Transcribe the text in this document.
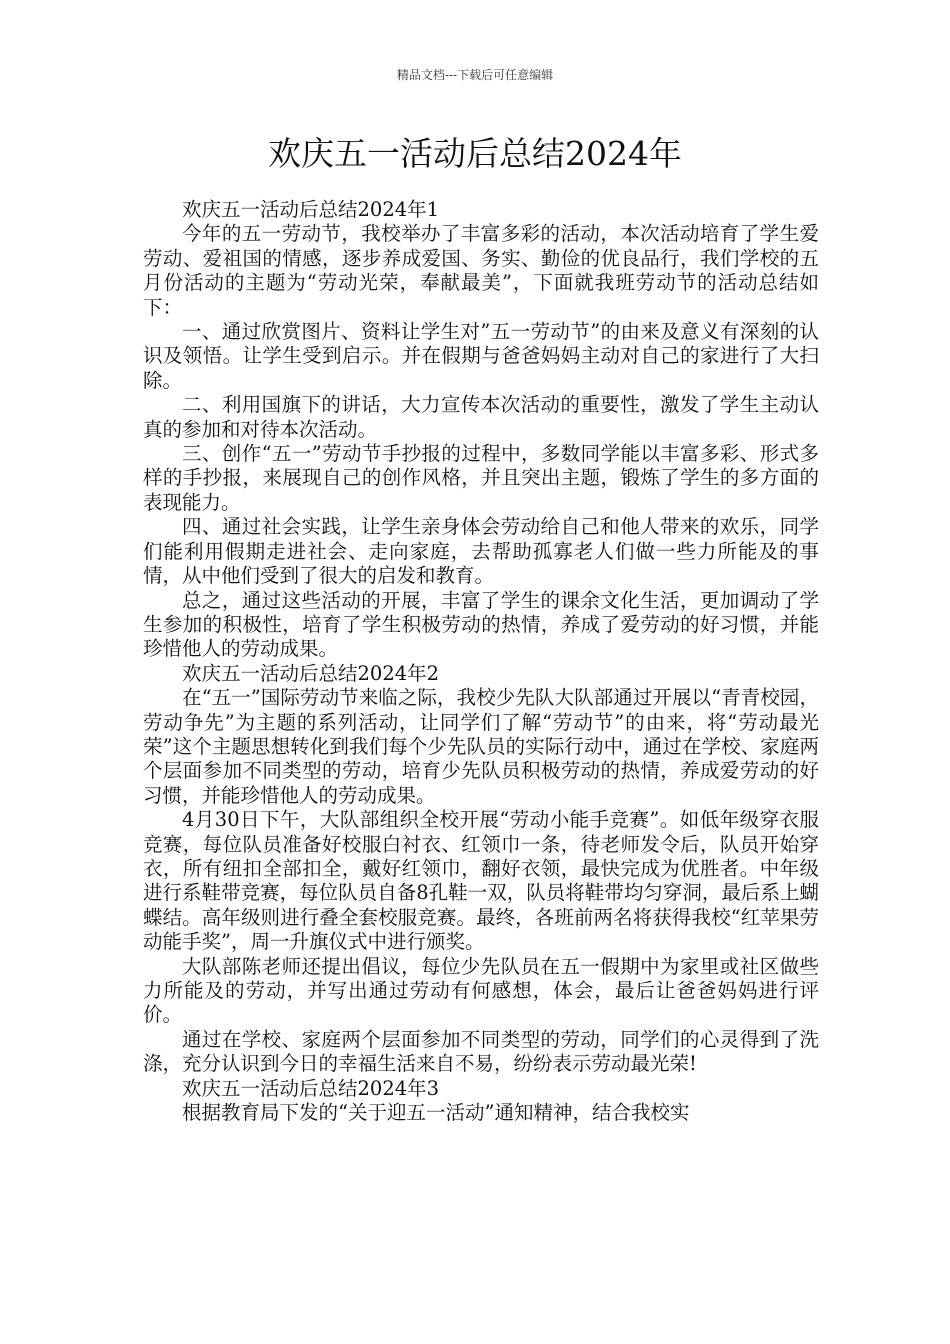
精品文档---下载后可任意编辑
欢庆五一活动后总结2024年

欢庆五一活动后总结2024年1

今年的五一劳动节，我校举办了丰富多彩的活动，本次活动培育了学生爱劳动、爱祖国的情感，逐步养成爱国、务实、勤俭的优良品行，我们学校的五月份活动的主题为“劳动光荣，奉献最美”，下面就我班劳动节的活动总结如下：

一、通过欣赏图片、资料让学生对”五一劳动节”的由来及意义有深刻的认识及领悟。让学生受到启示。并在假期与爸爸妈妈主动对自己的家进行了大扫除。

二、利用国旗下的讲话，大力宣传本次活动的重要性，激发了学生主动认真的参加和对待本次活动。

三、创作“五一”劳动节手抄报的过程中，多数同学能以丰富多彩、形式多样的手抄报，来展现自己的创作风格，并且突出主题，锻炼了学生的多方面的表现能力。

四、通过社会实践，让学生亲身体会劳动给自己和他人带来的欢乐，同学们能利用假期走进社会、走向家庭，去帮助孤寡老人们做一些力所能及的事情，从中他们受到了很大的启发和教育。

总之，通过这些活动的开展，丰富了学生的课余文化生活，更加调动了学生参加的积极性，培育了学生积极劳动的热情，养成了爱劳动的好习惯，并能珍惜他人的劳动成果。

欢庆五一活动后总结2024年2

在“五一”国际劳动节来临之际，我校少先队大队部通过开展以“青青校园，劳动争先”为主题的系列活动，让同学们了解“劳动节”的由来，将“劳动最光荣”这个主题思想转化到我们每个少先队员的实际行动中，通过在学校、家庭两个层面参加不同类型的劳动，培育少先队员积极劳动的热情，养成爱劳动的好习惯，并能珍惜他人的劳动成果。

4月30日下午，大队部组织全校开展“劳动小能手竞赛”。如低年级穿衣服竞赛，每位队员准备好校服白衬衣、红领巾一条，待老师发令后，队员开始穿衣，所有纽扣全部扣全，戴好红领巾，翻好衣领，最快完成为优胜者。中年级进行系鞋带竞赛，每位队员自备8孔鞋一双，队员将鞋带均匀穿洞，最后系上蝴蝶结。高年级则进行叠全套校服竞赛。最终，各班前两名将获得我校“红苹果劳动能手奖”，周一升旗仪式中进行颁奖。

大队部陈老师还提出倡议，每位少先队员在五一假期中为家里或社区做些力所能及的劳动，并写出通过劳动有何感想，体会，最后让爸爸妈妈进行评价。

通过在学校、家庭两个层面参加不同类型的劳动，同学们的心灵得到了洗涤，充分认识到今日的幸福生活来自不易，纷纷表示劳动最光荣!

欢庆五一活动后总结2024年3

根据教育局下发的“关于迎五一活动”通知精神，结合我校实
